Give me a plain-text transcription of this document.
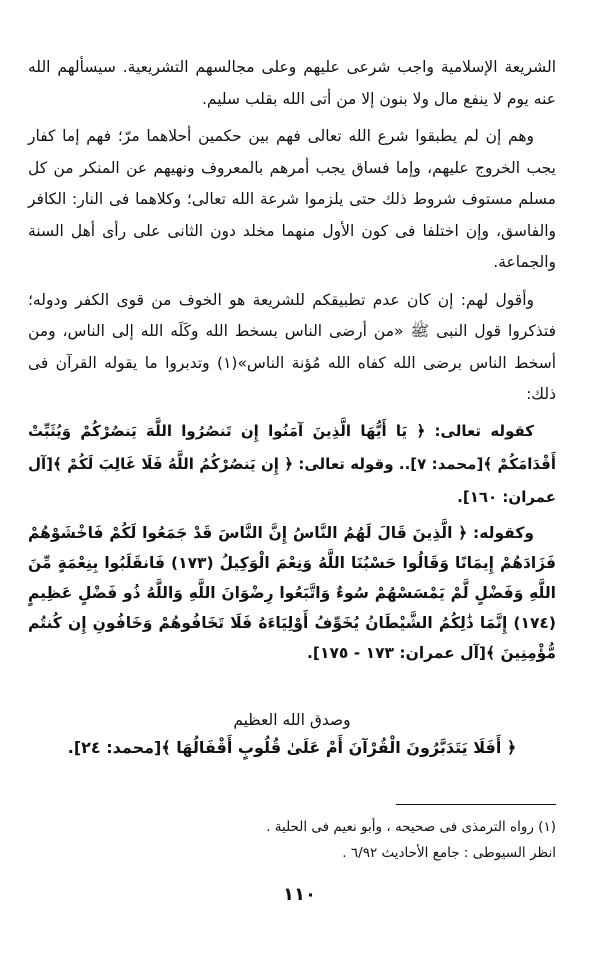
الشريعة الإسلامية واجب شرعى عليهم وعلى مجالسهم التشريعية. سيسألهم الله عنه يوم لا ينفع مال ولا بنون إلا من أتى الله بقلب سليم.

وهم إن لم يطبقوا شرع الله تعالى فهم بين حكمين أحلاهما مرّ؛ فهم إما كفار يجب الخروج عليهم، وإما فساق يجب أمرهم بالمعروف ونهيهم عن المنكر من كل مسلم مستوف شروط ذلك حتى يلزموا شرعة الله تعالى؛ وكلاهما فى النار: الكافر والفاسق، وإن اختلفا فى كون الأول منهما مخلد دون الثانى على رأى أهل السنة والجماعة.

وأقول لهم: إن كان عدم تطبيقكم للشريعة هو الخوف من قوى الكفر ودوله؛ فتذكروا قول النبى ﷺ «من أرضى الناس بسخط الله وكَلَه الله إلى الناس، ومن أسخط الناس برضى الله كفاه الله مُؤنة الناس»(١) وتدبروا ما يقوله القرآن فى ذلك:

كقوله تعالى: ﴿ يَا أَيُّهَا الَّذِينَ آمَنُوا إِن تَنصُرُوا اللَّهَ يَنصُرْكُمْ وَيُثَبِّتْ أَقْدَامَكُمْ ﴾[محمد: ٧].. وقوله تعالى: ﴿ إِن يَنصُرْكُمُ اللَّهُ فَلَا غَالِبَ لَكُمْ ﴾[آل عمران: ١٦٠].

وكقوله: ﴿ الَّذِينَ قَالَ لَهُمُ النَّاسُ إِنَّ النَّاسَ قَدْ جَمَعُوا لَكُمْ فَاخْشَوْهُمْ فَزَادَهُمْ إِيمَانًا وَقَالُوا حَسْبُنَا اللَّهُ وَنِعْمَ الْوَكِيلُ (١٧٣) فَانقَلَبُوا بِنِعْمَةٍ مِّنَ اللَّهِ وَفَضْلٍ لَّمْ يَمْسَسْهُمْ سُوءٌ وَاتَّبَعُوا رِضْوَانَ اللَّهِ وَاللَّهُ ذُو فَضْلٍ عَظِيمٍ (١٧٤) إِنَّمَا ذَٰلِكُمُ الشَّيْطَانُ يُخَوِّفُ أَوْلِيَاءَهُ فَلَا تَخَافُوهُمْ وَخَافُونِ إِن كُنتُم مُّؤْمِنِينَ ﴾[آل عمران: ١٧٣ - ١٧٥].

وصدق الله العظيم
﴿ أَفَلَا يَتَدَبَّرُونَ الْقُرْآنَ أَمْ عَلَىٰ قُلُوبٍ أَقْفَالُهَا ﴾[محمد: ٢٤].

(١) رواه الترمذى فى صحيحه ، وأبو نعيم فى الحلية .

انظر السيوطى : جامع الأحاديث ٦/٩٢ .

١١٠
